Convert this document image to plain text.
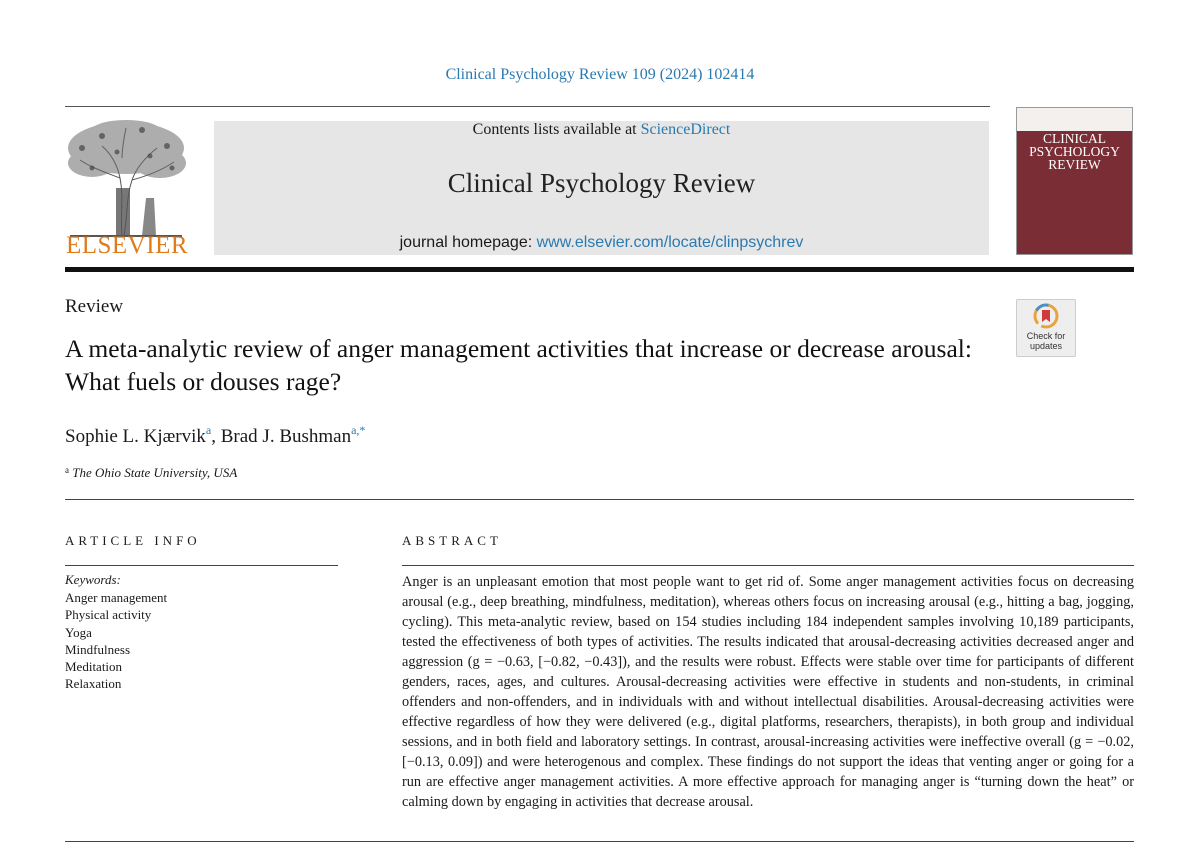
Clinical Psychology Review 109 (2024) 102414
ELSEVIER
Contents lists available at ScienceDirect
Clinical Psychology Review
journal homepage: www.elsevier.com/locate/clinpsychrev
CLINICAL
PSYCHOLOGY
REVIEW
Review
A meta-analytic review of anger management activities that increase or decrease arousal: What fuels or douses rage?
Check for
updates
Sophie L. Kjærvik$^a$, Brad J. Bushman$^{a,*}$
$^a$ The Ohio State University, USA
ARTICLE INFO
Keywords:
Anger management
Physical activity
Yoga
Mindfulness
Meditation
Relaxation
ABSTRACT
Anger is an unpleasant emotion that most people want to get rid of. Some anger management activities focus on decreasing arousal (e.g., deep breathing, mindfulness, meditation), whereas others focus on increasing arousal (e.g., hitting a bag, jogging, cycling). This meta-analytic review, based on 154 studies including 184 independent samples involving 10,189 participants, tested the effectiveness of both types of activities. The results indicated that arousal-decreasing activities decreased anger and aggression (g = −0.63, [−0.82, −0.43]), and the results were robust. Effects were stable over time for participants of different genders, races, ages, and cultures. Arousal-decreasing activities were effective in students and non-students, in criminal offenders and non-offenders, and in individuals with and without intellectual disabilities. Arousal-decreasing activities were effective regardless of how they were delivered (e.g., digital platforms, researchers, therapists), in both group and individual sessions, and in both field and laboratory settings. In contrast, arousal-increasing activities were ineffective overall (g = −0.02, [−0.13, 0.09]) and were heterogenous and complex. These findings do not support the ideas that venting anger or going for a run are effective anger management activities. A more effective approach for managing anger is “turning down the heat” or calming down by engaging in activities that decrease arousal.
